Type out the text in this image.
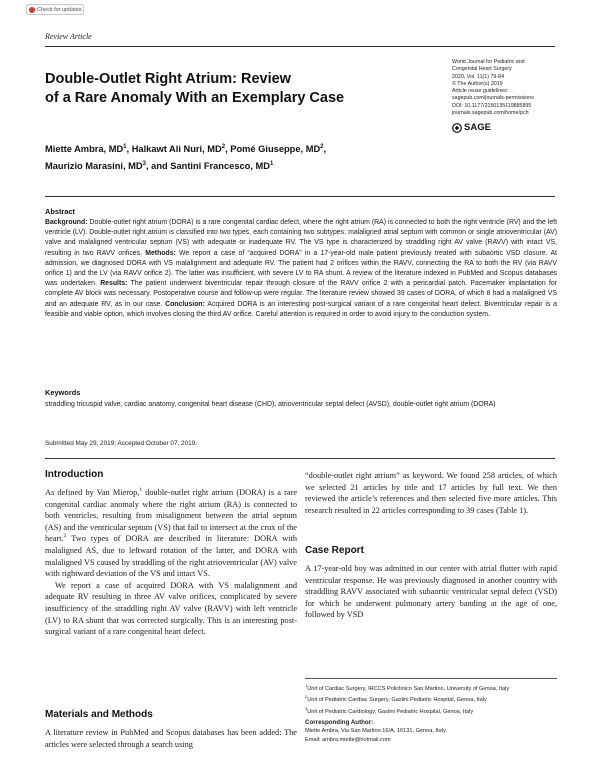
Check for updates
Review Article
Double-Outlet Right Atrium: Review
of a Rare Anomaly With an Exemplary Case
World Journal for Pediatric and
Congenital Heart Surgery
2020, Vol. 11(1) 79-84
© The Author(s) 2019
Article reuse guidelines:
sagepub.com/journals-permissions
DOI: 10.1177/2150135119885895
journals.sagepub.com/home/pch
SAGE
Miette Ambra, $MD^1$, Halkawt Ali Nuri, $MD^2$, Pomé Giuseppe, $MD^2$,
Maurizio Marasini, $MD^3$, and Santini Francesco, $MD^1$
Abstract
Background: Double-outlet right atrium (DORA) is a rare congenital cardiac defect, where the right atrium (RA) is connected to both the right ventricle (RV) and the left ventricle (LV). Double-outlet right atrium is classified into two types, each containing two subtypes: malaligned atrial septum with common or single atrioventricular (AV) valve and malaligned ventricular septum (VS) with adequate or inadequate RV. The VS type is characterized by straddling right AV valve (RAVV) with intact VS, resulting in two RAVV orifices. Methods: We report a case of “acquired DORA” in a 17-year-old male patient previously treated with subaortic VSD closure. At admission, we diagnosed DORA with VS malalignment and adequate RV. The patient had 2 orifices within the RAVV, connecting the RA to both the RV (via RAVV orifice 1) and the LV (via RAVV orifice 2). The latter was insufficient, with severe LV to RA shunt. A review of the literature indexed in PubMed and Scopus databases was undertaken. Results: The patient underwent biventricular repair through closure of the RAVV orifice 2 with a pericardial patch. Pacemaker implantation for complete AV block was necessary. Postoperative course and follow-up were regular. The literature review showed 39 cases of DORA, of which 8 had a malaligned VS and an adequate RV, as in our case. Conclusion: Acquired DORA is an interesting post-surgical variant of a rare congenital heart defect. Biventricular repair is a feasible and viable option, which involves closing the third AV orifice. Careful attention is required in order to avoid injury to the conduction system.
Keywords
straddling tricuspid valve, cardiac anatomy, congenital heart disease (CHD), atrioventricular septal defect (AVSD), double-outlet right atrium (DORA)
Submitted May 29, 2019; Accepted October 07, 2019.
Introduction

As defined by Van Mierop,$^1$ double-outlet right atrium (DORA) is a rare congenital cardiac anomaly where the right atrium (RA) is connected to both ventricles, resulting from misalignment between the atrial septum (AS) and the ventricular septum (VS) that fail to intersect at the crux of the heart.$^2$ Two types of DORA are described in literature: DORA with malaligned AS, due to leftward rotation of the latter, and DORA with malaligned VS caused by straddling of the right atrioventricular (AV) valve with rightward deviation of the VS and intact VS.

We report a case of acquired DORA with VS malalignment and adequate RV resulting in three AV valve orifices, complicated by severe insufficiency of the straddling right AV valve (RAVV) with left ventricle (LV) to RA shunt that was corrected surgically. This is an interesting post-surgical variant of a rare congenital heart defect.

Materials and Methods

A literature review in PubMed and Scopus databases has been added: The articles were selected through a search using

“double-outlet right atrium” as keyword. We found 258 articles, of which we selected 21 articles by title and 17 articles by full text. We then reviewed the article’s references and then selected five more articles. This research resulted in 22 articles corresponding to 39 cases (Table 1).

Case Report

A 17-year-old boy was admitted in our center with atrial flutter with rapid ventricular response. He was previously diagnosed in another country with straddling RAVV associated with subaortic ventricular septal defect (VSD) for which he underwent pulmonary artery banding at the age of one, followed by VSD

$^1$Unit of Cardiac Surgery, IRCCS Policlinico San Martino, University of Genoa, Italy
$^2$Unit of Pediatric Cardiac Surgery, Gaslini Pediatric Hospital, Genoa, Italy
$^3$Unit of Pediatric Cardiology, Gaslini Pediatric Hospital, Genoa, Italy
Corresponding Author:
Miette Ambra, Via San Martino 16/A, 16131, Genoa, Italy.
Email: ambra.miette@hotmail.com
